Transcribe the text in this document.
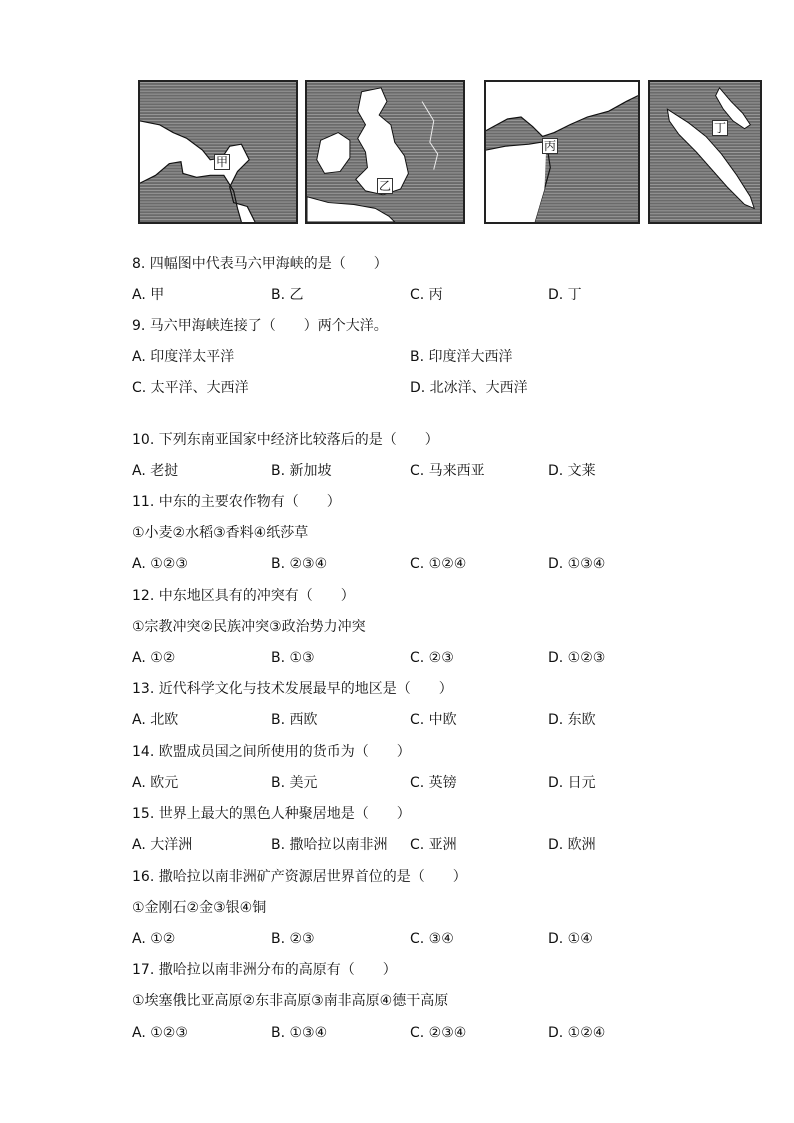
甲
乙
丙
丁
8. 四幅图中代表马六甲海峡的是（　　）
A. 甲	B. 乙	C. 丙	D. 丁
9. 马六甲海峡连接了（　　）两个大洋。
A. 印度洋太平洋	B. 印度洋大西洋
C. 太平洋、大西洋	D. 北冰洋、大西洋
10. 下列东南亚国家中经济比较落后的是（　　）
A. 老挝	B. 新加坡	C. 马来西亚	D. 文莱
11. 中东的主要农作物有（　　）
①小麦②水稻③香料④纸莎草
A. ①②③	B. ②③④	C. ①②④	D. ①③④
12. 中东地区具有的冲突有（　　）
①宗教冲突②民族冲突③政治势力冲突
A. ①②	B. ①③	C. ②③	D. ①②③
13. 近代科学文化与技术发展最早的地区是（　　）
A. 北欧	B. 西欧	C. 中欧	D. 东欧
14. 欧盟成员国之间所使用的货币为（　　）
A. 欧元	B. 美元	C. 英镑	D. 日元
15. 世界上最大的黑色人种聚居地是（　　）
A. 大洋洲	B. 撒哈拉以南非洲 C. 亚洲	D. 欧洲
16. 撒哈拉以南非洲矿产资源居世界首位的是（　　）
①金刚石②金③银④铜
A. ①②	B. ②③	C. ③④	D. ①④
17. 撒哈拉以南非洲分布的高原有（　　）
①埃塞俄比亚高原②东非高原③南非高原④德干高原
A. ①②③	B. ①③④	C. ②③④	D. ①②④
